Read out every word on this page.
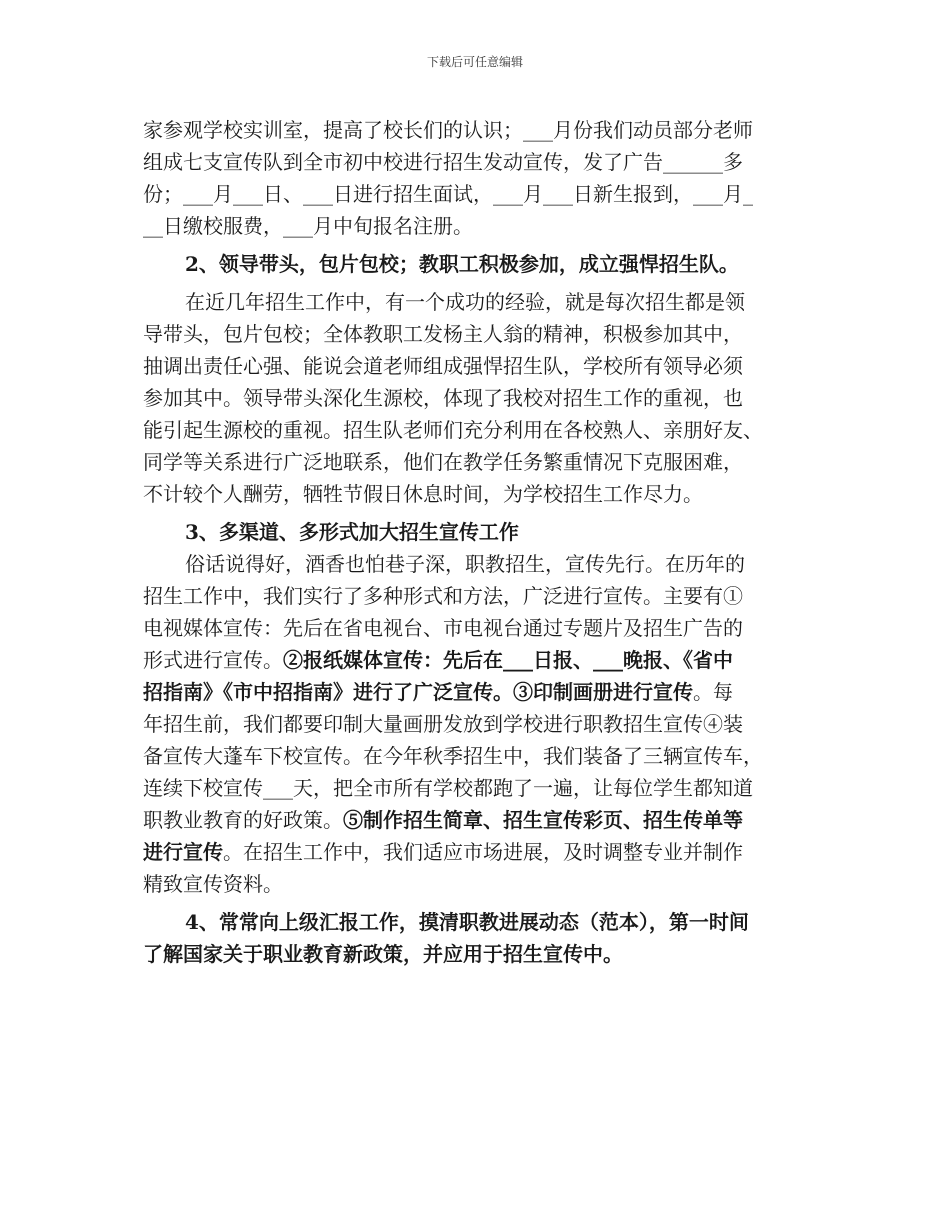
下载后可任意编辑
家参观学校实训室，提高了校长们的认识；___月份我们动员部分老师
组成七支宣传队到全市初中校进行招生发动宣传，发了广告______多
份；___月___日、___日进行招生面试，___月___日新生报到，___月_
__日缴校服费，___月中旬报名注册。
2、领导带头，包片包校；教职工积极参加，成立强悍招生队。
在近几年招生工作中，有一个成功的经验，就是每次招生都是领
导带头，包片包校；全体教职工发杨主人翁的精神，积极参加其中，
抽调出责任心强、能说会道老师组成强悍招生队，学校所有领导必须
参加其中。领导带头深化生源校，体现了我校对招生工作的重视，也
能引起生源校的重视。招生队老师们充分利用在各校熟人、亲朋好友、
同学等关系进行广泛地联系，他们在教学任务繁重情况下克服困难，
不计较个人酬劳，牺牲节假日休息时间，为学校招生工作尽力。
3、多渠道、多形式加大招生宣传工作
俗话说得好，酒香也怕巷子深，职教招生，宣传先行。在历年的
招生工作中，我们实行了多种形式和方法，广泛进行宣传。主要有①
电视媒体宣传：先后在省电视台、市电视台通过专题片及招生广告的
形式进行宣传。②报纸媒体宣传：先后在___日报、___晚报、《省中
招指南》《市中招指南》进行了广泛宣传。③印制画册进行宣传。每
年招生前，我们都要印制大量画册发放到学校进行职教招生宣传④装
备宣传大蓬车下校宣传。在今年秋季招生中，我们装备了三辆宣传车，
连续下校宣传___天，把全市所有学校都跑了一遍，让每位学生都知道
职教业教育的好政策。⑤制作招生简章、招生宣传彩页、招生传单等
进行宣传。在招生工作中，我们适应市场进展，及时调整专业并制作
精致宣传资料。
4、常常向上级汇报工作，摸清职教进展动态（范本），第一时间
了解国家关于职业教育新政策，并应用于招生宣传中。
